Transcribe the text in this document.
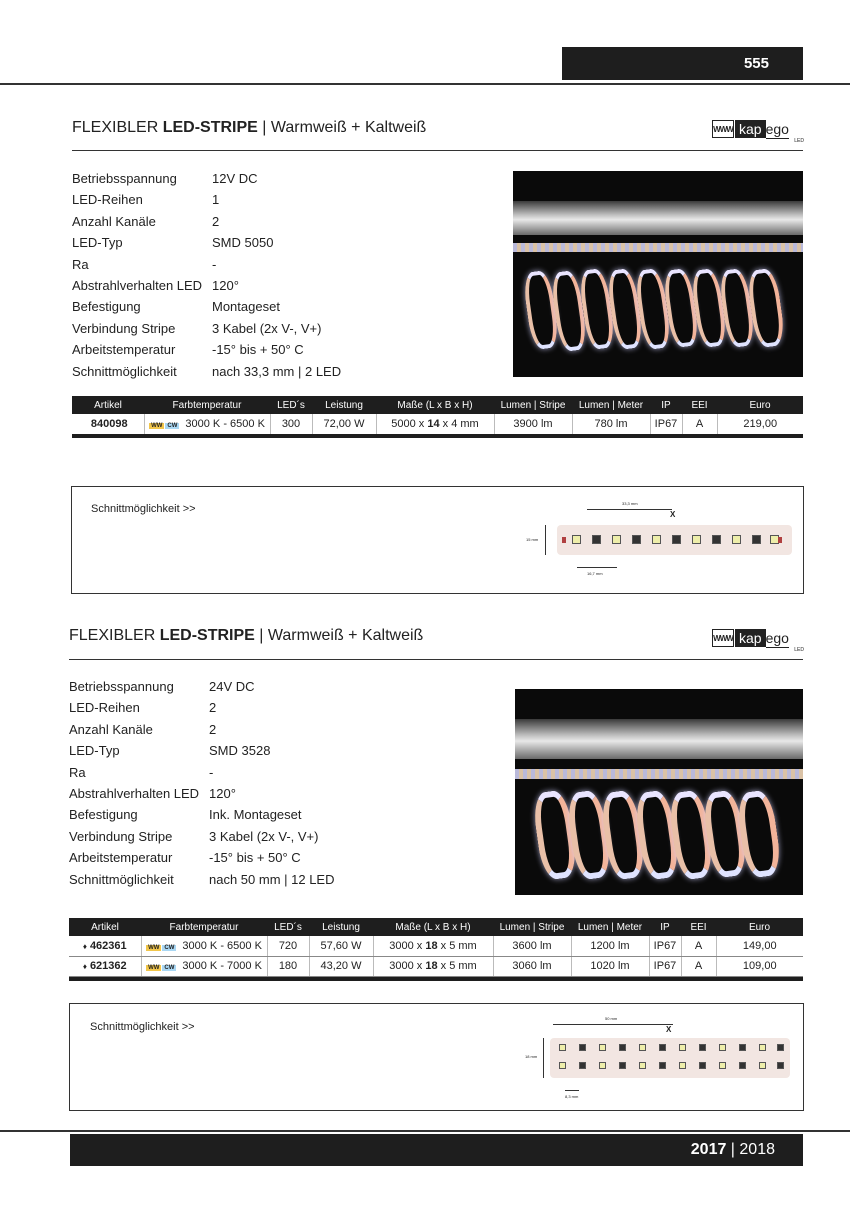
555
FLEXIBLER LED-STRIPE | Warmweiß + Kaltweiß	WWW kap ego
LED
Betriebsspannung	12V DC
LED-Reihen	1
Anzahl Kanäle	2
LED-Typ	SMD 5050
Ra	-
Abstrahlverhalten LED 120°
Befestigung	Montageset
Verbindung Stripe	3 Kabel (2x V-, V+)
Arbeitstemperatur	-15° bis + 50° C
Schnittmöglichkeit	nach 33,3 mm | 2 LED
Artikel	Farbtemperatur	LED´s	Leistung	Maße (L x B x H)	Lumen | Stripe	Lumen | Meter	IP	EEI	Euro
840098	WW CW 3000 K - 6500 K	300	72,00 W	5000 x 14 x 4 mm	3900 lm	780 lm	IP67	A	219,00
Schnittmöglichkeit >>	33,3 mm
X
15 mm
16,7 mm
FLEXIBLER LED-STRIPE | Warmweiß + Kaltweiß	WWW kap ego
LED
Betriebsspannung	24V DC
LED-Reihen	2
Anzahl Kanäle	2
LED-Typ	SMD 3528
Ra	-
Abstrahlverhalten LED 120°
Befestigung	Ink. Montageset
Verbindung Stripe	3 Kabel (2x V-, V+)
Arbeitstemperatur	-15° bis + 50° C
Schnittmöglichkeit	nach 50 mm | 12 LED
Artikel	Farbtemperatur	LED´s	Leistung	Maße (L x B x H)	Lumen | Stripe	Lumen | Meter	IP	EEI	Euro
♦ 462361	WW CW 3000 K - 6500 K	720	57,60 W	3000 x 18 x 5 mm	3600 lm	1200 lm	IP67	A	149,00
♦ 621362	WW CW 3000 K - 7000 K	180	43,20 W	3000 x 18 x 5 mm	3060 lm	1020 lm	IP67	A	109,00
Schnittmöglichkeit >>
50 mm
X
18 mm
8,3 mm
2017 | 2018
